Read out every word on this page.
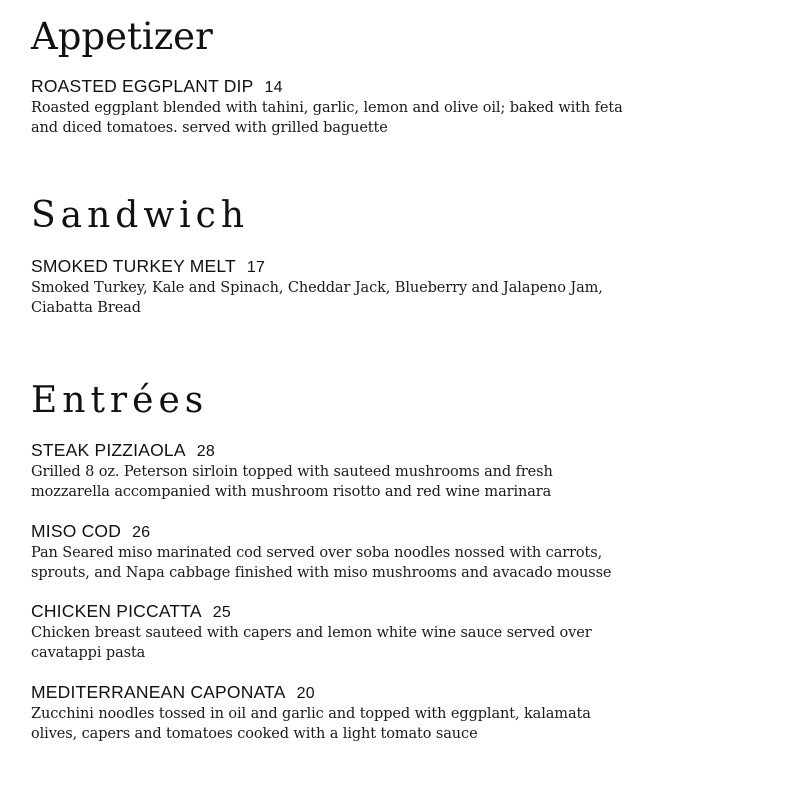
Appetizer
ROASTED EGGPLANT DIP 14
Roasted eggplant blended with tahini, garlic, lemon and olive oil; baked with feta
and diced tomatoes. served with grilled baguette
Sandwich
SMOKED TURKEY MELT 17
Smoked Turkey, Kale and Spinach, Cheddar Jack, Blueberry and Jalapeno Jam,
Ciabatta Bread
Entrées
STEAK PIZZIAOLA 28
Grilled 8 oz. Peterson sirloin topped with sauteed mushrooms and fresh
mozzarella accompanied with mushroom risotto and red wine marinara
MISO COD 26
Pan Seared miso marinated cod served over soba noodles nossed with carrots,
sprouts, and Napa cabbage finished with miso mushrooms and avacado mousse
CHICKEN PICCATTA 25
Chicken breast sauteed with capers and lemon white wine sauce served over
cavatappi pasta
MEDITERRANEAN CAPONATA 20
Zucchini noodles tossed in oil and garlic and topped with eggplant, kalamata
olives, capers and tomatoes cooked with a light tomato sauce
